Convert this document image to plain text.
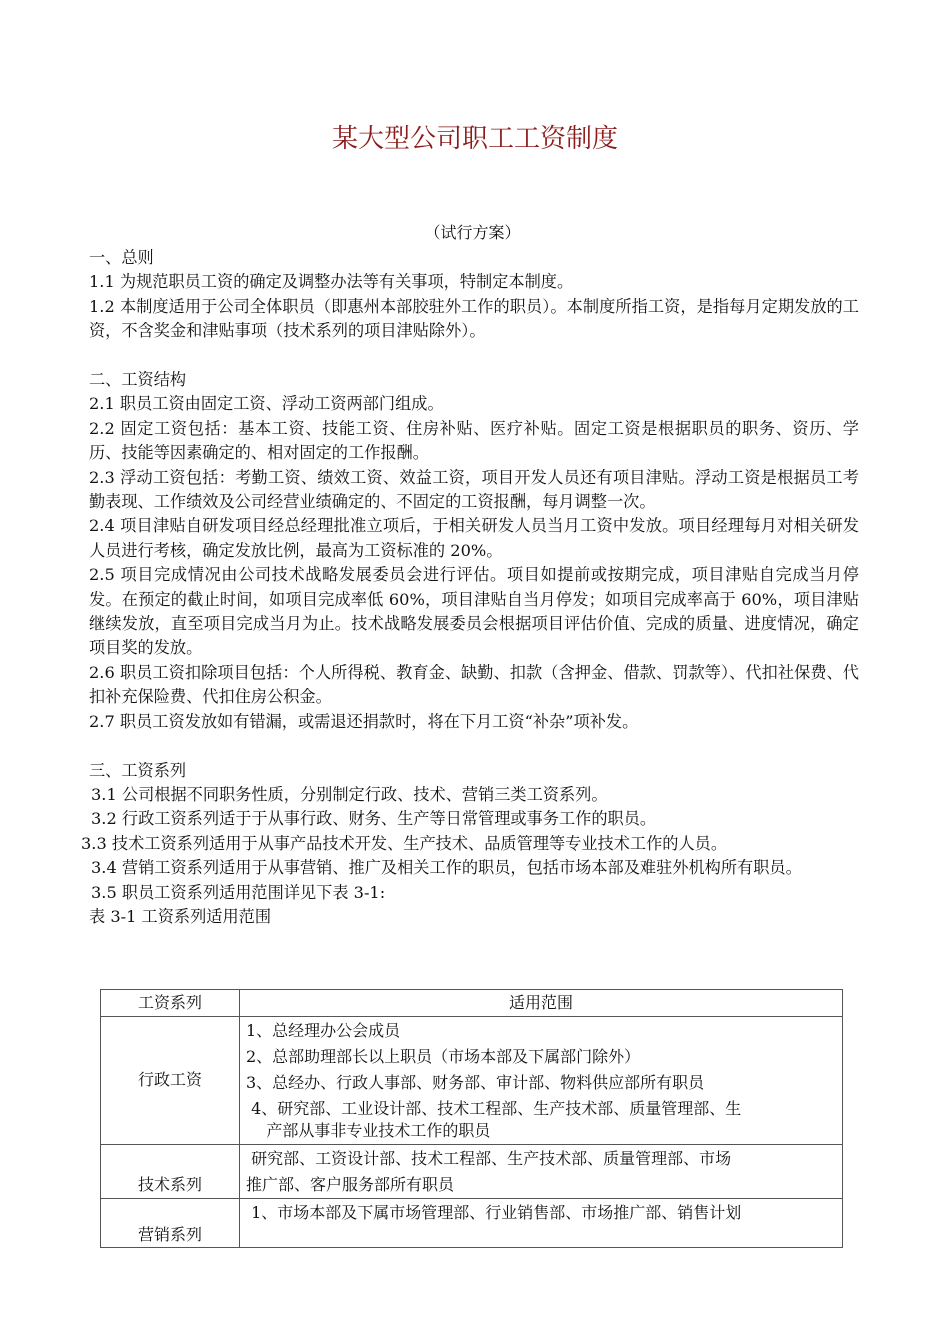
某大型公司职工工资制度
（试行方案）

一、总则

1.1 为规范职员工资的确定及调整办法等有关事项，特制定本制度。

1.2 本制度适用于公司全体职员（即惠州本部胶驻外工作的职员）。本制度所指工资，是指每月定期发放的工资，不含奖金和津贴事项（技术系列的项目津贴除外）。

二、工资结构

2.1 职员工资由固定工资、浮动工资两部门组成。

2.2 固定工资包括：基本工资、技能工资、住房补贴、医疗补贴。固定工资是根据职员的职务、资历、学历、技能等因素确定的、相对固定的工作报酬。

2.3 浮动工资包括：考勤工资、绩效工资、效益工资，项目开发人员还有项目津贴。浮动工资是根据员工考勤表现、工作绩效及公司经营业绩确定的、不固定的工资报酬，每月调整一次。

2.4 项目津贴自研发项目经总经理批准立项后，于相关研发人员当月工资中发放。项目经理每月对相关研发人员进行考核，确定发放比例，最高为工资标准的 20%。

2.5 项目完成情况由公司技术战略发展委员会进行评估。项目如提前或按期完成，项目津贴自完成当月停发。在预定的截止时间，如项目完成率低 60%，项目津贴自当月停发；如项目完成率高于 60%，项目津贴继续发放，直至项目完成当月为止。技术战略发展委员会根据项目评估价值、完成的质量、进度情况，确定项目奖的发放。

2.6 职员工资扣除项目包括：个人所得税、教育金、缺勤、扣款（含押金、借款、罚款等）、代扣社保费、代扣补充保险费、代扣住房公积金。

2.7 职员工资发放如有错漏，或需退还捐款时，将在下月工资“补杂”项补发。

三、工资系列

3.1 公司根据不同职务性质，分别制定行政、技术、营销三类工资系列。

3.2 行政工资系列适于于从事行政、财务、生产等日常管理或事务工作的职员。

3.3 技术工资系列适用于从事产品技术开发、生产技术、品质管理等专业技术工作的人员。

3.4 营销工资系列适用于从事营销、推广及相关工作的职员，包括市场本部及难驻外机构所有职员。

3.5 职员工资系列适用范围详见下表 3-1:

表 3-1 工资系列适用范围

工资系列	适用范围

行政工资	1、总经理办公会成员
2、总部助理部长以上职员（市场本部及下属部门除外）
3、总经办、行政人事部、财务部、审计部、物料供应部所有职员
4、研究部、工业设计部、技术工程部、生产技术部、质量管理部、生
产部从事非专业技术工作的职员

技术系列	研究部、工资设计部、技术工程部、生产技术部、质量管理部、市场
推广部、客户服务部所有职员

营销系列	1、市场本部及下属市场管理部、行业销售部、市场推广部、销售计划
